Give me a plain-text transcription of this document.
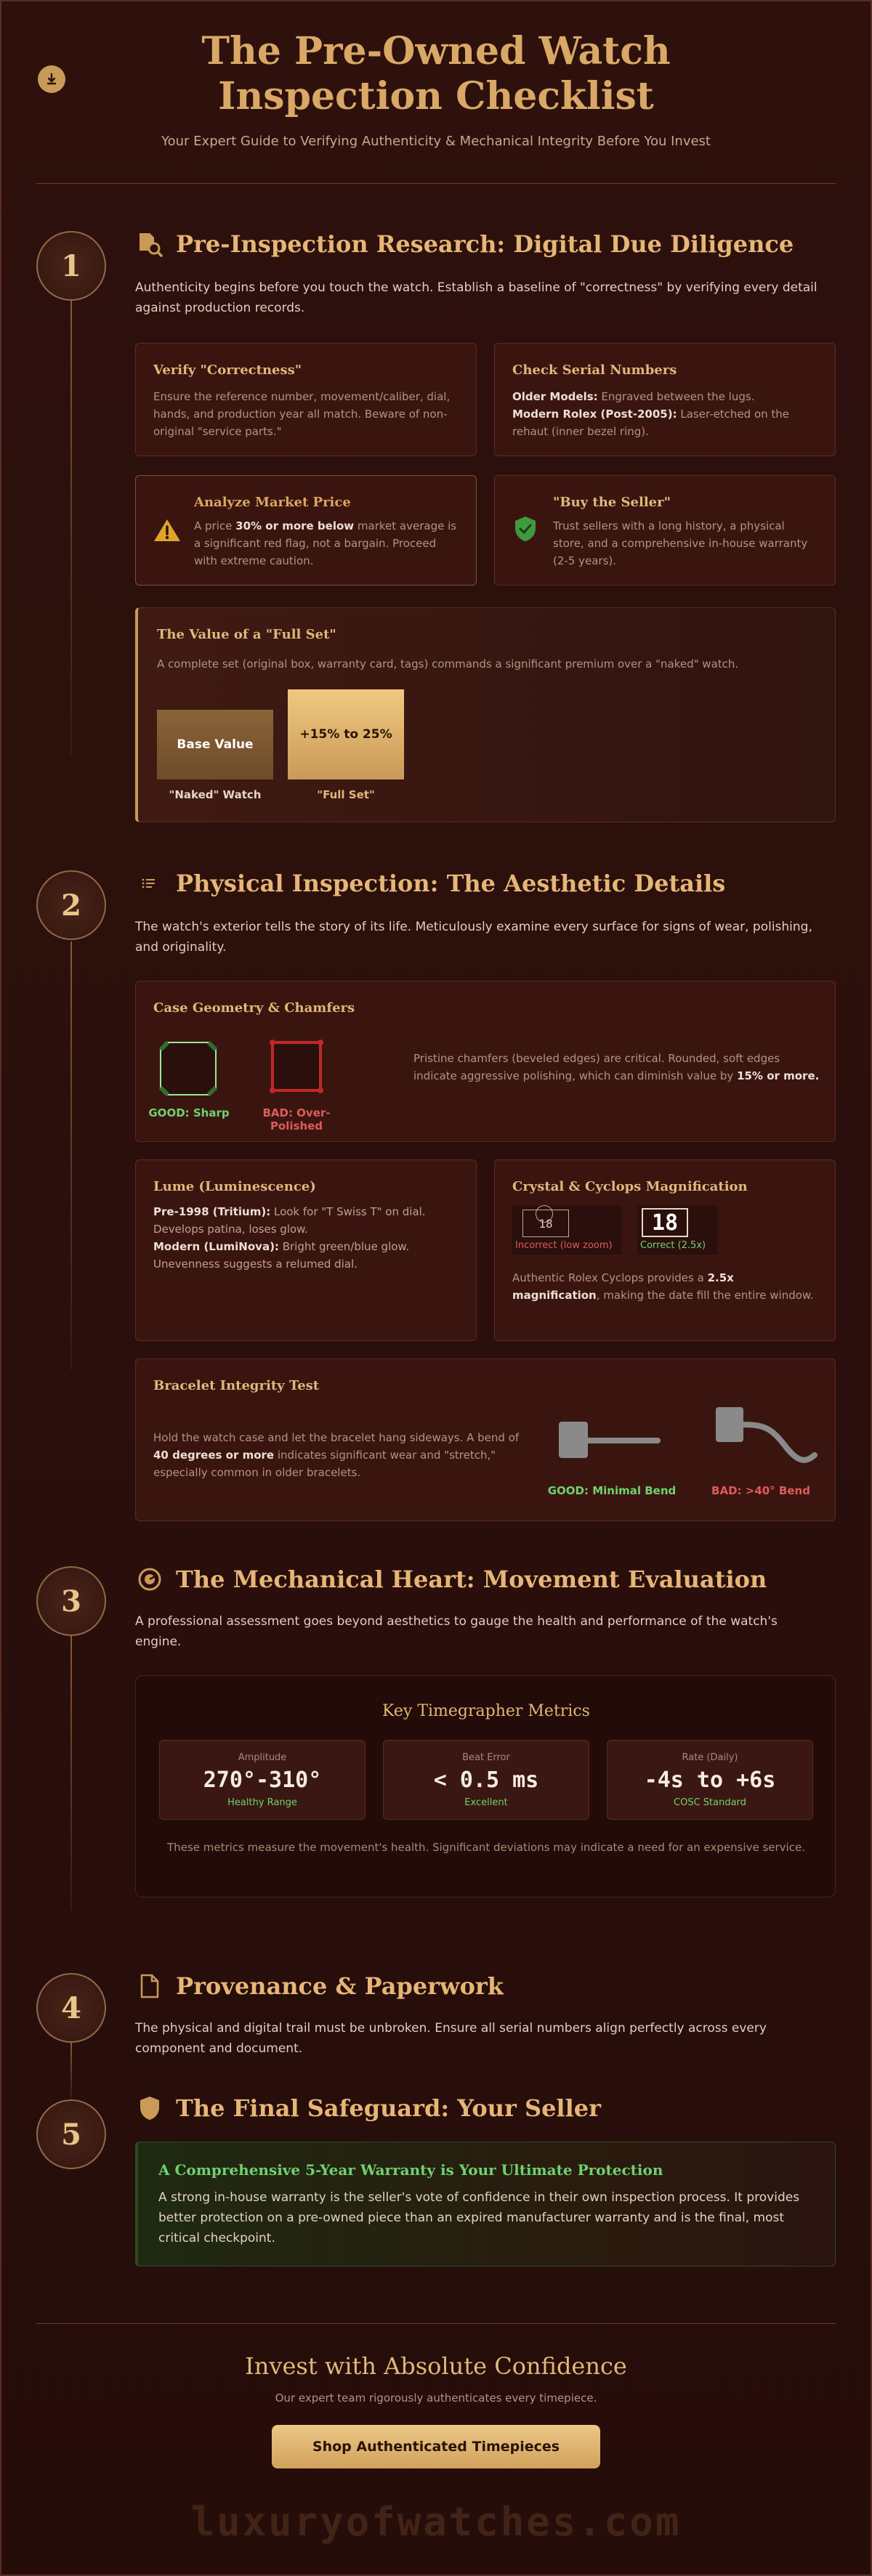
The Pre-Owned Watch Inspection Checklist
Your Expert Guide to Verifying Authenticity & Mechanical Integrity Before You Invest
1
Pre-Inspection Research: Digital Due Diligence
Authenticity begins before you touch the watch. Establish a baseline of "correctness" by verifying every detail against production records.
Verify "Correctness"

Ensure the reference number, movement/caliber, dial, hands, and production year all match. Beware of non-original "service parts."

Check Serial Numbers

Older Models: Engraved between the lugs.
Modern Rolex (Post-2005): Laser-etched on the rehaut (inner bezel ring).

Analyze Market Price

A price 30% or more below market average is a significant red flag, not a bargain. Proceed with extreme caution.

"Buy the Seller"

Trust sellers with a long history, a physical store, and a comprehensive in-house warranty (2-5 years).

The Value of a "Full Set"

A complete set (original box, warranty card, tags) commands a significant premium over a "naked" watch.

Base Value
"Naked" Watch
+15% to 25%
"Full Set"
2
Physical Inspection: The Aesthetic Details
The watch's exterior tells the story of its life. Meticulously examine every surface for signs of wear, polishing, and originality.
Case Geometry & Chamfers
GOOD: Sharp	BAD: Over-Polished

Pristine chamfers (beveled edges) are critical. Rounded, soft edges indicate aggressive polishing, which can diminish value by 15% or more.

Lume (Luminescence)

Pre-1998 (Tritium): Look for "T Swiss T" on dial. Develops patina, loses glow.
Modern (LumiNova): Bright green/blue glow. Unevenness suggests a relumed dial.

Crystal & Cyclops Magnification
18
Incorrect (low zoom)
18
Correct (2.5x)

Authentic Rolex Cyclops provides a 2.5x magnification, making the date fill the entire window.

Bracelet Integrity Test

Hold the watch case and let the bracelet hang sideways. A bend of 40 degrees or more indicates significant wear and "stretch," especially common in older bracelets.

GOOD: Minimal Bend	BAD: >40° Bend
3
The Mechanical Heart: Movement Evaluation
A professional assessment goes beyond aesthetics to gauge the health and performance of the watch's engine.
Key Timegrapher Metrics
Amplitude
270°-310°
Healthy Range
Beat Error
< 0.5 ms
Excellent
Rate (Daily)
-4s to +6s
COSC Standard
These metrics measure the movement's health. Significant deviations may indicate a need for an expensive service.
4
Provenance & Paperwork
The physical and digital trail must be unbroken. Ensure all serial numbers align perfectly across every component and document.
5
The Final Safeguard: Your Seller
A Comprehensive 5-Year Warranty is Your Ultimate Protection

A strong in-house warranty is the seller's vote of confidence in their own inspection process. It provides better protection on a pre-owned piece than an expired manufacturer warranty and is the final, most critical checkpoint.

Invest with Absolute Confidence
Our expert team rigorously authenticates every timepiece.
Shop Authenticated Timepieces
luxuryofwatches.com
